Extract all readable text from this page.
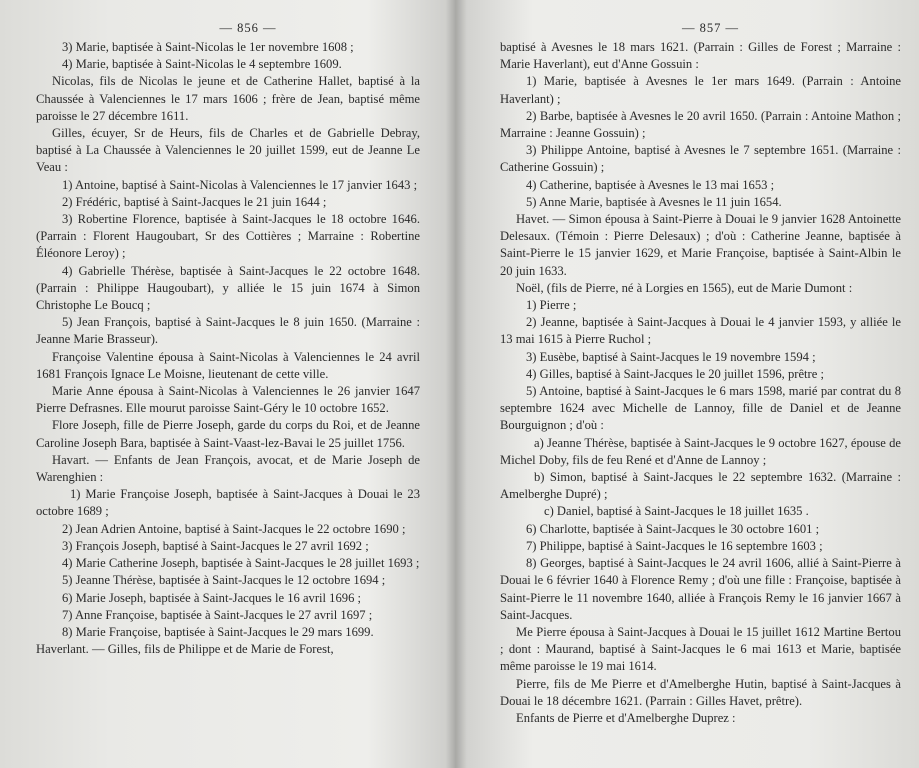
— 856 —

3) Marie, baptisée à Saint-Nicolas le 1er novembre 1608 ;

4) Marie, baptisée à Saint-Nicolas le 4 septembre 1609.

Nicolas, fils de Nicolas le jeune et de Catherine Hallet, baptisé à la Chaussée à Valenciennes le 17 mars 1606 ; frère de Jean, baptisé même paroisse le 27 décembre 1611.

Gilles, écuyer, Sr de Heurs, fils de Charles et de Gabrielle Debray, baptisé à La Chaussée à Valenciennes le 20 juillet 1599, eut de Jeanne Le Veau :

1) Antoine, baptisé à Saint-Nicolas à Valenciennes le 17 janvier 1643 ;

2) Frédéric, baptisé à Saint-Jacques le 21 juin 1644 ;

3) Robertine Florence, baptisée à Saint-Jacques le 18 octobre 1646. (Parrain : Florent Haugoubart, Sr des Cottières ; Marraine : Robertine Éléonore Leroy) ;

4) Gabrielle Thérèse, baptisée à Saint-Jacques le 22 octobre 1648. (Parrain : Philippe Haugoubart), y alliée le 15 juin 1674 à Simon Christophe Le Boucq ;

5) Jean François, baptisé à Saint-Jacques le 8 juin 1650. (Marraine : Jeanne Marie Brasseur).

Françoise Valentine épousa à Saint-Nicolas à Valenciennes le 24 avril 1681 François Ignace Le Moisne, lieutenant de cette ville.

Marie Anne épousa à Saint-Nicolas à Valenciennes le 26 janvier 1647 Pierre Defrasnes. Elle mourut paroisse Saint-Géry le 10 octobre 1652.

Flore Joseph, fille de Pierre Joseph, garde du corps du Roi, et de Jeanne Caroline Joseph Bara, baptisée à Saint-Vaast-lez-Bavai le 25 juillet 1756.

Havart. — Enfants de Jean François, avocat, et de Marie Joseph de Warenghien :

1) Marie Françoise Joseph, baptisée à Saint-Jacques à Douai le 23 octobre 1689 ;

2) Jean Adrien Antoine, baptisé à Saint-Jacques le 22 octobre 1690 ;

3) François Joseph, baptisé à Saint-Jacques le 27 avril 1692 ;

4) Marie Catherine Joseph, baptisée à Saint-Jacques le 28 juillet 1693 ;

5) Jeanne Thérèse, baptisée à Saint-Jacques le 12 octobre 1694 ;

6) Marie Joseph, baptisée à Saint-Jacques le 16 avril 1696 ;

7) Anne Françoise, baptisée à Saint-Jacques le 27 avril 1697 ;

8) Marie Françoise, baptisée à Saint-Jacques le 29 mars 1699.

Haverlant. — Gilles, fils de Philippe et de Marie de Forest,

— 857 —

baptisé à Avesnes le 18 mars 1621. (Parrain : Gilles de Forest ; Marraine : Marie Haverlant), eut d'Anne Gossuin :

1) Marie, baptisée à Avesnes le 1er mars 1649. (Parrain : Antoine Haverlant) ;

2) Barbe, baptisée à Avesnes le 20 avril 1650. (Parrain : Antoine Mathon ; Marraine : Jeanne Gossuin) ;

3) Philippe Antoine, baptisé à Avesnes le 7 septembre 1651. (Marraine : Catherine Gossuin) ;

4) Catherine, baptisée à Avesnes le 13 mai 1653 ;

5) Anne Marie, baptisée à Avesnes le 11 juin 1654.

Havet. — Simon épousa à Saint-Pierre à Douai le 9 janvier 1628 Antoinette Delesaux. (Témoin : Pierre Delesaux) ; d'où : Catherine Jeanne, baptisée à Saint-Pierre le 15 janvier 1629, et Marie Françoise, baptisée à Saint-Albin le 20 juin 1633.

Noël, (fils de Pierre, né à Lorgies en 1565), eut de Marie Dumont :

1) Pierre ;

2) Jeanne, baptisée à Saint-Jacques à Douai le 4 janvier 1593, y alliée le 13 mai 1615 à Pierre Ruchol ;

3) Eusèbe, baptisé à Saint-Jacques le 19 novembre 1594 ;

4) Gilles, baptisé à Saint-Jacques le 20 juillet 1596, prêtre ;

5) Antoine, baptisé à Saint-Jacques le 6 mars 1598, marié par contrat du 8 septembre 1624 avec Michelle de Lannoy, fille de Daniel et de Jeanne Bourguignon ; d'où :

a) Jeanne Thérèse, baptisée à Saint-Jacques le 9 octobre 1627, épouse de Michel Doby, fils de feu René et d'Anne de Lannoy ;

b) Simon, baptisé à Saint-Jacques le 22 septembre 1632. (Marraine : Amelberghe Dupré) ;

c) Daniel, baptisé à Saint-Jacques le 18 juillet 1635 .

6) Charlotte, baptisée à Saint-Jacques le 30 octobre 1601 ;

7) Philippe, baptisé à Saint-Jacques le 16 septembre 1603 ;

8) Georges, baptisé à Saint-Jacques le 24 avril 1606, allié à Saint-Pierre à Douai le 6 février 1640 à Florence Remy ; d'où une fille : Françoise, baptisée à Saint-Pierre le 11 novembre 1640, alliée à François Remy le 16 janvier 1667 à Saint-Jacques.

Me Pierre épousa à Saint-Jacques à Douai le 15 juillet 1612 Martine Bertou ; dont : Maurand, baptisé à Saint-Jacques le 6 mai 1613 et Marie, baptisée même paroisse le 19 mai 1614.

Pierre, fils de Me Pierre et d'Amelberghe Hutin, baptisé à Saint-Jacques à Douai le 18 décembre 1621. (Parrain : Gilles Havet, prêtre).

Enfants de Pierre et d'Amelberghe Duprez :
